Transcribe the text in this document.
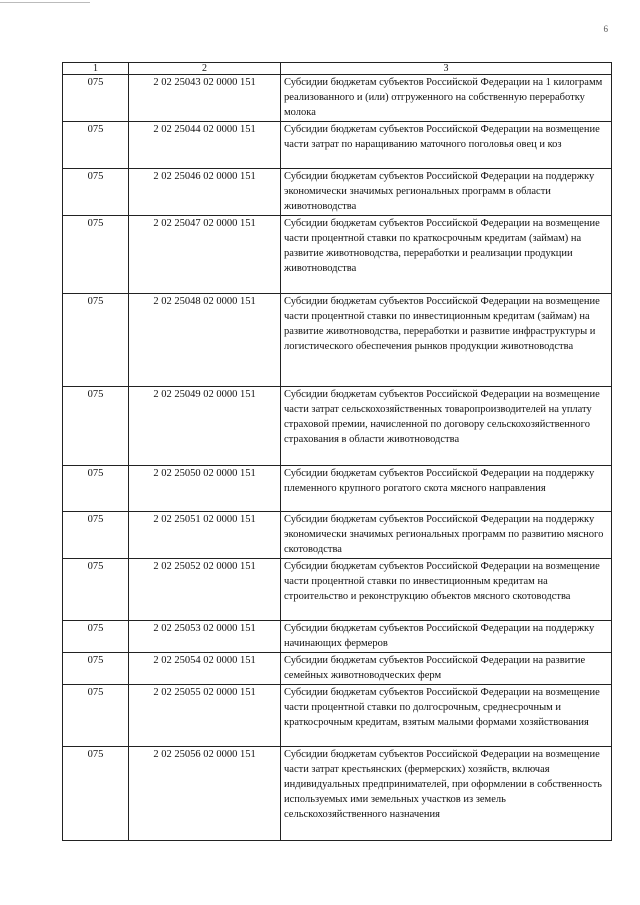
6
1	2	3
075	2 02 25043 02 0000 151	Субсидии бюджетам субъектов Российской Федерации на 1 килограмм реализованного и (или) отгруженного на собственную переработку молока
075	2 02 25044 02 0000 151	Субсидии бюджетам субъектов Российской Федерации на возмещение части затрат по наращиванию маточного поголовья овец и коз
075	2 02 25046 02 0000 151	Субсидии бюджетам субъектов Российской Федерации на поддержку экономически значимых региональных программ в области животноводства
075	2 02 25047 02 0000 151	Субсидии бюджетам субъектов Российской Федерации на возмещение части процентной ставки по краткосрочным кредитам (займам) на развитие животноводства, переработки и реализации продукции животноводства
075	2 02 25048 02 0000 151	Субсидии бюджетам субъектов Российской Федерации на возмещение части процентной ставки по инвестиционным кредитам (займам) на развитие животноводства, переработки и развитие инфраструктуры и логистического обеспечения рынков продукции животноводства
075	2 02 25049 02 0000 151	Субсидии бюджетам субъектов Российской Федерации на возмещение части затрат сельскохозяйственных товаропроизводителей на уплату страховой премии, начисленной по договору сельскохозяйственного страхования в области животноводства
075	2 02 25050 02 0000 151	Субсидии бюджетам субъектов Российской Федерации на поддержку племенного крупного рогатого скота мясного направления
075	2 02 25051 02 0000 151	Субсидии бюджетам субъектов Российской Федерации на поддержку экономически значимых региональных программ по развитию мясного скотоводства
075	2 02 25052 02 0000 151	Субсидии бюджетам субъектов Российской Федерации на возмещение части процентной ставки по инвестиционным кредитам на строительство и реконструкцию объектов мясного скотоводства
075	2 02 25053 02 0000 151	Субсидии бюджетам субъектов Российской Федерации на поддержку начинающих фермеров
075	2 02 25054 02 0000 151	Субсидии бюджетам субъектов Российской Федерации на развитие семейных животноводческих ферм
075	2 02 25055 02 0000 151	Субсидии бюджетам субъектов Российской Федерации на возмещение части процентной ставки по долгосрочным, среднесрочным и краткосрочным кредитам, взятым малыми формами хозяйствования
075	2 02 25056 02 0000 151	Субсидии бюджетам субъектов Российской Федерации на возмещение части затрат крестьянских (фермерских) хозяйств, включая индивидуальных предпринимателей, при оформлении в собственность используемых ими земельных участков из земель сельскохозяйственного назначения
